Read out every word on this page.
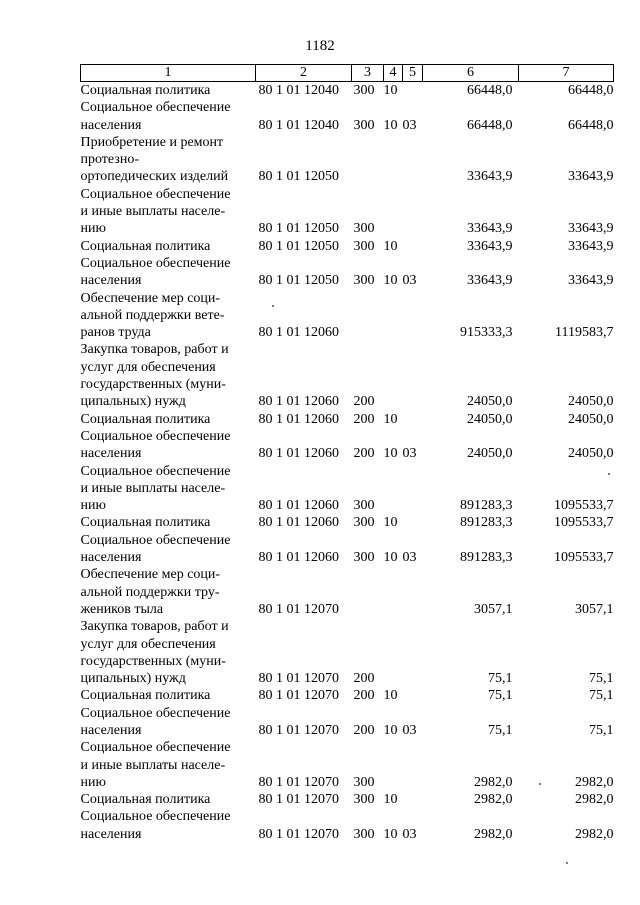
1182
1	2	3	4	5	6	7

Социальная политика	80 1 01 12040	300	10		66448,0	66448,0

Социальное обеспечение
населения	80 1 01 12040	300	10	03	66448,0	66448,0

Приобретение и ремонт
протезно-
ортопедических изделий	80 1 01 12050				33643,9	33643,9

Социальное обеспечение
и иные выплаты населе-
нию	80 1 01 12050	300			33643,9	33643,9

Социальная политика	80 1 01 12050	300	10		33643,9	33643,9

Социальное обеспечение
населения	80 1 01 12050	300	10	03	33643,9	33643,9

Обеспечение мер соци-
альной поддержки вете-
ранов труда	80 1 01 12060				915333,3	1119583,7

Закупка товаров, работ и
услуг для обеспечения
государственных (муни-
ципальных) нужд	80 1 01 12060	200			24050,0	24050,0

Социальная политика	80 1 01 12060	200	10		24050,0	24050,0

Социальное обеспечение
населения	80 1 01 12060	200	10	03	24050,0	24050,0

Социальное обеспечение
и иные выплаты населе-
нию	80 1 01 12060	300			891283,3	1095533,7

Социальная политика	80 1 01 12060	300	10		891283,3	1095533,7

Социальное обеспечение
населения	80 1 01 12060	300	10	03	891283,3	1095533,7

Обеспечение мер соци-
альной поддержки тру-
жеников тыла	80 1 01 12070				3057,1	3057,1

Закупка товаров, работ и
услуг для обеспечения
государственных (муни-
ципальных) нужд	80 1 01 12070	200			75,1	75,1

Социальная политика	80 1 01 12070	200	10		75,1	75,1

Социальное обеспечение
населения	80 1 01 12070	200	10	03	75,1	75,1

Социальное обеспечение
и иные выплаты населе-
нию	80 1 01 12070	300			2982,0	2982,0

Социальная политика	80 1 01 12070	300	10		2982,0	2982,0

Социальное обеспечение
населения	80 1 01 12070	300	10	03	2982,0	2982,0
